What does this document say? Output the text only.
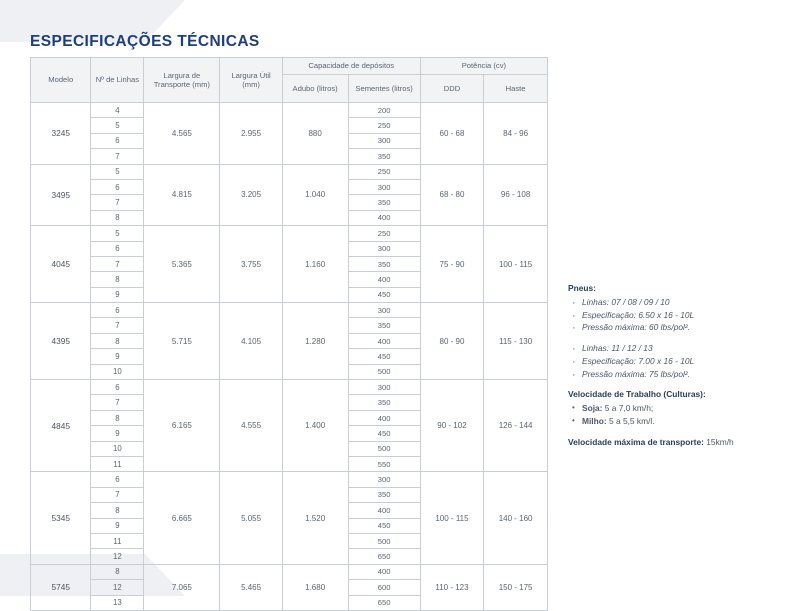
ESPECIFICAÇÕES TÉCNICAS
Modelo	Nº de Linhas	Largura de Transporte (mm)	Largura Útil (mm)	Capacidade de depósitos		Potência (cv)	
				Adubo (litros)	Sementes (litros)	DDD	Haste
3245	4	4.565	2.955	880	200	60 - 68	84 - 96
	5				250		
	6				300		
	7				350		
3495	5	4.815	3.205	1.040	250	68 - 80	96 - 108
	6				300		
	7				350		
	8				400		
4045	5	5.365	3.755	1.160	250	75 - 90	100 - 115
	6				300		
	7				350		
	8				400		
	9				450		
4395	6	5.715	4.105	1.280	300	80 - 90	115 - 130
	7				350		
	8				400		
	9				450		
	10				500		
4845	6	6.165	4.555	1.400	300	90 - 102	126 - 144
	7				350		
	8				400		
	9				450		
	10				500		
	11				550		
5345	6	6.665	5.055	1.520	300	100 - 115	140 - 160
	7				350		
	8				400		
	9				450		
	11				500		
	12				650		
5745	8	7.065	5.465	1.680	400	110 - 123	150 - 175
	12				600		
	13				650		
Pneus:
· Linhas: 07 / 08 / 09 / 10
· Especificação: 6.50 x 16 - 10L
· Pressão máxima: 60 lbs/pol².
· Linhas: 11 / 12 / 13
· Especificação: 7.00 x 16 - 10L
· Pressão máxima: 75 lbs/pol².
Velocidade de Trabalho (Culturas):
• Soja: 5 a 7,0 km/h;
• Milho: 5 a 5,5 km/l.
Velocidade máxima de transporte: 15km/h
